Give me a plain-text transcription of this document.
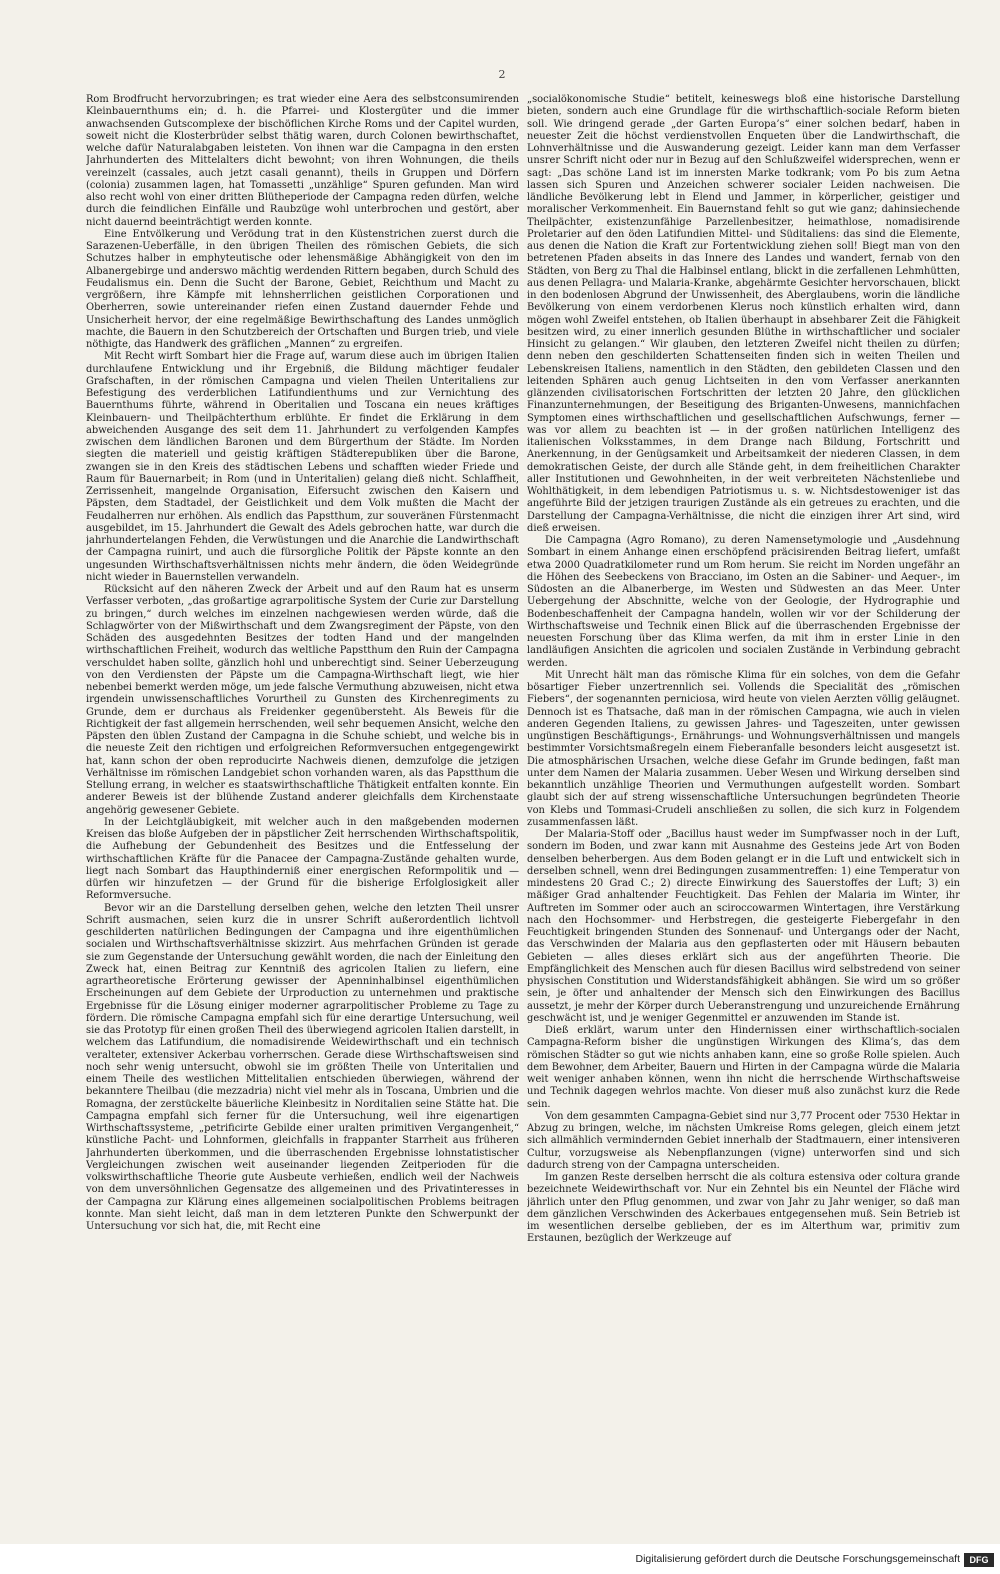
2

Rom Brodfrucht hervorzubringen; es trat wieder eine Aera des selbstconsumirenden Kleinbauernthums ein; d. h. die Pfarrei- und Klostergüter und die immer anwachsenden Gutscomplexe der bischöflichen Kirche Roms und der Capitel wurden, soweit nicht die Klosterbrüder selbst thätig waren, durch Colonen bewirthschaftet, welche dafür Naturalabgaben leisteten. Von ihnen war die Campagna in den ersten Jahrhunderten des Mittelalters dicht bewohnt; von ihren Wohnungen, die theils vereinzelt (cassales, auch jetzt casali genannt), theils in Gruppen und Dörfern (colonia) zusammen lagen, hat Tomassetti „unzählige“ Spuren gefunden. Man wird also recht wohl von einer dritten Blütheperiode der Campagna reden dürfen, welche durch die feindlichen Einfälle und Raubzüge wohl unterbrochen und gestört, aber nicht dauernd beeinträchtigt werden konnte.

Eine Entvölkerung und Verödung trat in den Küstenstrichen zuerst durch die Sarazenen-Ueberfälle, in den übrigen Theilen des römischen Gebiets, die sich Schutzes halber in emphyteutische oder lehensmäßige Abhängigkeit von den im Albanergebirge und anderswo mächtig werdenden Rittern begaben, durch Schuld des Feudalismus ein. Denn die Sucht der Barone, Gebiet, Reichthum und Macht zu vergrößern, ihre Kämpfe mit lehnsherrlichen geistlichen Corporationen und Oberherren, sowie untereinander riefen einen Zustand dauernder Fehde und Unsicherheit hervor, der eine regelmäßige Bewirthschaftung des Landes unmöglich machte, die Bauern in den Schutzbereich der Ortschaften und Burgen trieb, und viele nöthigte, das Handwerk des gräflichen „Mannen“ zu ergreifen.

Mit Recht wirft Sombart hier die Frage auf, warum diese auch im übrigen Italien durchlaufene Entwicklung und ihr Ergebniß, die Bildung mächtiger feudaler Grafschaften, in der römischen Campagna und vielen Theilen Unteritaliens zur Befestigung des verderblichen Latifundienthums und zur Vernichtung des Bauernthums führte, während in Oberitalien und Toscana ein neues kräftiges Kleinbauern- und Theilpächterthum erblühte. Er findet die Erklärung in dem abweichenden Ausgange des seit dem 11. Jahrhundert zu verfolgenden Kampfes zwischen dem ländlichen Baronen und dem Bürgerthum der Städte. Im Norden siegten die materiell und geistig kräftigen Städterepubliken über die Barone, zwangen sie in den Kreis des städtischen Lebens und schafften wieder Friede und Raum für Bauernarbeit; in Rom (und in Unteritalien) gelang dieß nicht. Schlaffheit, Zerrissenheit, mangelnde Organisation, Eifersucht zwischen den Kaisern und Päpsten, dem Stadtadel, der Geistlichkeit und dem Volk mußten die Macht der Feudalherren nur erhöhen. Als endlich das Papstthum, zur souveränen Fürstenmacht ausgebildet, im 15. Jahrhundert die Gewalt des Adels gebrochen hatte, war durch die jahrhundertelangen Fehden, die Verwüstungen und die Anarchie die Landwirthschaft der Campagna ruinirt, und auch die fürsorgliche Politik der Päpste konnte an den ungesunden Wirthschaftsverhältnissen nichts mehr ändern, die öden Weidegründe nicht wieder in Bauernstellen verwandeln.

Rücksicht auf den näheren Zweck der Arbeit und auf den Raum hat es unserm Verfasser verboten, „das großartige agrarpolitische System der Curie zur Darstellung zu bringen,“ durch welches im einzelnen nachgewiesen werden würde, daß die Schlagwörter von der Mißwirthschaft und dem Zwangsregiment der Päpste, von den Schäden des ausgedehnten Besitzes der todten Hand und der mangelnden wirthschaftlichen Freiheit, wodurch das weltliche Papstthum den Ruin der Campagna verschuldet haben sollte, gänzlich hohl und unberechtigt sind. Seiner Ueberzeugung von den Verdiensten der Päpste um die Campagna-Wirthschaft liegt, wie hier nebenbei bemerkt werden möge, um jede falsche Vermuthung abzuweisen, nicht etwa irgendein unwissenschaftliches Vorurtheil zu Gunsten des Kirchenregiments zu Grunde, dem er durchaus als Freidenker gegenübersteht. Als Beweis für die Richtigkeit der fast allgemein herrschenden, weil sehr bequemen Ansicht, welche den Päpsten den üblen Zustand der Campagna in die Schuhe schiebt, und welche bis in die neueste Zeit den richtigen und erfolgreichen Reformversuchen entgegengewirkt hat, kann schon der oben reproducirte Nachweis dienen, demzufolge die jetzigen Verhältnisse im römischen Landgebiet schon vorhanden waren, als das Papstthum die Stellung errang, in welcher es staatswirthschaftliche Thätigkeit entfalten konnte. Ein anderer Beweis ist der blühende Zustand anderer gleichfalls dem Kirchenstaate angehörig gewesener Gebiete.

In der Leichtgläubigkeit, mit welcher auch in den maßgebenden modernen Kreisen das bloße Aufgeben der in päpstlicher Zeit herrschenden Wirthschaftspolitik, die Aufhebung der Gebundenheit des Besitzes und die Entfesselung der wirthschaftlichen Kräfte für die Panacee der Campagna-Zustände gehalten wurde, liegt nach Sombart das Haupthinderniß einer energischen Reformpolitik und — dürfen wir hinzufetzen — der Grund für die bisherige Erfolglosigkeit aller Reformversuche.

Bevor wir an die Darstellung derselben gehen, welche den letzten Theil unsrer Schrift ausmachen, seien kurz die in unsrer Schrift außerordentlich lichtvoll geschilderten natürlichen Bedingungen der Campagna und ihre eigenthümlichen socialen und Wirthschaftsverhältnisse skizzirt. Aus mehrfachen Gründen ist gerade sie zum Gegenstande der Untersuchung gewählt worden, die nach der Einleitung den Zweck hat, einen Beitrag zur Kenntniß des agricolen Italien zu liefern, eine agrartheoretische Erörterung gewisser der Apenninhalbinsel eigenthümlichen Erscheinungen auf dem Gebiete der Urproduction zu unternehmen und praktische Ergebnisse für die Lösung einiger moderner agrarpolitischer Probleme zu Tage zu fördern. Die römische Campagna empfahl sich für eine derartige Untersuchung, weil sie das Prototyp für einen großen Theil des überwiegend agricolen Italien darstellt, in welchem das Latifundium, die nomadisirende Weidewirthschaft und ein technisch veralteter, extensiver Ackerbau vorherrschen. Gerade diese Wirthschaftsweisen sind noch sehr wenig untersucht, obwohl sie im größten Theile von Unteritalien und einem Theile des westlichen Mittelitalien entschieden überwiegen, während der bekanntere Theilbau (die mezzadria) nicht viel mehr als in Toscana, Umbrien und die Romagna, der zerstückelte bäuerliche Kleinbesitz in Norditalien seine Stätte hat. Die Campagna empfahl sich ferner für die Untersuchung, weil ihre eigenartigen Wirthschaftssysteme, „petrificirte Gebilde einer uralten primitiven Vergangenheit,“ künstliche Pacht- und Lohnformen, gleichfalls in frappanter Starrheit aus früheren Jahrhunderten überkommen, und die überraschenden Ergebnisse lohnstatistischer Vergleichungen zwischen weit auseinander liegenden Zeitperioden für die volkswirthschaftliche Theorie gute Ausbeute verhießen, endlich weil der Nachweis von dem unversöhnlichen Gegensatze des allgemeinen und des Privatinteresses in der Campagna zur Klärung eines allgemeinen socialpolitischen Problems beitragen konnte. Man sieht leicht, daß man in dem letzteren Punkte den Schwerpunkt der Untersuchung vor sich hat, die, mit Recht eine

„socialökonomische Studie“ betitelt, keineswegs bloß eine historische Darstellung bieten, sondern auch eine Grundlage für die wirthschaftlich-sociale Reform bieten soll. Wie dringend gerade „der Garten Europa’s“ einer solchen bedarf, haben in neuester Zeit die höchst verdienstvollen Enqueten über die Landwirthschaft, die Lohnverhältnisse und die Auswanderung gezeigt. Leider kann man dem Verfasser unsrer Schrift nicht oder nur in Bezug auf den Schlußzweifel widersprechen, wenn er sagt: „Das schöne Land ist im innersten Marke todkrank; vom Po bis zum Aetna lassen sich Spuren und Anzeichen schwerer socialer Leiden nachweisen. Die ländliche Bevölkerung lebt in Elend und Jammer, in körperlicher, geistiger und moralischer Verkommenheit. Ein Bauernstand fehlt so gut wie ganz; dahinsiechende Theilpächter, existenzunfähige Parzellenbesitzer, heimathlose, nomadisirende Proletarier auf den öden Latifundien Mittel- und Süditaliens: das sind die Elemente, aus denen die Nation die Kraft zur Fortentwicklung ziehen soll! Biegt man von den betretenen Pfaden abseits in das Innere des Landes und wandert, fernab von den Städten, von Berg zu Thal die Halbinsel entlang, blickt in die zerfallenen Lehmhütten, aus denen Pellagra- und Malaria-Kranke, abgehärmte Gesichter hervorschauen, blickt in den bodenlosen Abgrund der Unwissenheit, des Aberglaubens, worin die ländliche Bevölkerung von einem verdorbenen Klerus noch künstlich erhalten wird, dann mögen wohl Zweifel entstehen, ob Italien überhaupt in absehbarer Zeit die Fähigkeit besitzen wird, zu einer innerlich gesunden Blüthe in wirthschaftlicher und socialer Hinsicht zu gelangen.“ Wir glauben, den letzteren Zweifel nicht theilen zu dürfen; denn neben den geschilderten Schattenseiten finden sich in weiten Theilen und Lebenskreisen Italiens, namentlich in den Städten, den gebildeten Classen und den leitenden Sphären auch genug Lichtseiten in den vom Verfasser anerkannten glänzenden civilisatorischen Fortschritten der letzten 20 Jahre, den glücklichen Finanzunternehmungen, der Beseitigung des Briganten-Unwesens, mannichfachen Symptomen eines wirthschaftlichen und gesellschaftlichen Aufschwungs, ferner — was vor allem zu beachten ist — in der großen natürlichen Intelligenz des italienischen Volksstammes, in dem Drange nach Bildung, Fortschritt und Anerkennung, in der Genügsamkeit und Arbeitsamkeit der niederen Classen, in dem demokratischen Geiste, der durch alle Stände geht, in dem freiheitlichen Charakter aller Institutionen und Gewohnheiten, in der weit verbreiteten Nächstenliebe und Wohlthätigkeit, in dem lebendigen Patriotismus u. s. w. Nichtsdestoweniger ist das angeführte Bild der jetzigen traurigen Zustände als ein getreues zu erachten, und die Darstellung der Campagna-Verhältnisse, die nicht die einzigen ihrer Art sind, wird dieß erweisen.

Die Campagna (Agro Romano), zu deren Namensetymologie und „Ausdehnung Sombart in einem Anhange einen erschöpfend präcisirenden Beitrag liefert, umfaßt etwa 2000 Quadratkilometer rund um Rom herum. Sie reicht im Norden ungefähr an die Höhen des Seebeckens von Bracciano, im Osten an die Sabiner- und Aequer-, im Südosten an die Albanerberge, im Westen und Südwesten an das Meer. Unter Uebergehung der Abschnitte, welche von der Geologie, der Hydrographie und Bodenbeschaffenheit der Campagna handeln, wollen wir vor der Schilderung der Wirthschaftsweise und Technik einen Blick auf die überraschenden Ergebnisse der neuesten Forschung über das Klima werfen, da mit ihm in erster Linie in den landläufigen Ansichten die agricolen und socialen Zustände in Verbindung gebracht werden.

Mit Unrecht hält man das römische Klima für ein solches, von dem die Gefahr bösartiger Fieber unzertrennlich sei. Vollends die Specialität des „römischen Fiebers“, der sogenannten perniciosa, wird heute von vielen Aerzten völlig geläugnet. Dennoch ist es Thatsache, daß man in der römischen Campagna, wie auch in vielen anderen Gegenden Italiens, zu gewissen Jahres- und Tageszeiten, unter gewissen ungünstigen Beschäftigungs-, Ernährungs- und Wohnungsverhältnissen und mangels bestimmter Vorsichtsmaßregeln einem Fieberanfalle besonders leicht ausgesetzt ist. Die atmosphärischen Ursachen, welche diese Gefahr im Grunde bedingen, faßt man unter dem Namen der Malaria zusammen. Ueber Wesen und Wirkung derselben sind bekanntlich unzählige Theorien und Vermuthungen aufgestellt worden. Sombart glaubt sich der auf streng wissenschaftliche Untersuchungen begründeten Theorie von Klebs und Tommasi-Crudeli anschließen zu sollen, die sich kurz in Folgendem zusammenfassen läßt.

Der Malaria-Stoff oder „Bacillus haust weder im Sumpfwasser noch in der Luft, sondern im Boden, und zwar kann mit Ausnahme des Gesteins jede Art von Boden denselben beherbergen. Aus dem Boden gelangt er in die Luft und entwickelt sich in derselben schnell, wenn drei Bedingungen zusammentreffen: 1) eine Temperatur von mindestens 20 Grad C.; 2) directe Einwirkung des Sauerstoffes der Luft; 3) ein mäßiger Grad anhaltender Feuchtigkeit. Das Fehlen der Malaria im Winter, ihr Auftreten im Sommer oder auch an sciroccowarmen Wintertagen, ihre Verstärkung nach den Hochsommer- und Herbstregen, die gesteigerte Fiebergefahr in den Feuchtigkeit bringenden Stunden des Sonnenauf- und Untergangs oder der Nacht, das Verschwinden der Malaria aus den gepflasterten oder mit Häusern bebauten Gebieten — alles dieses erklärt sich aus der angeführten Theorie. Die Empfänglichkeit des Menschen auch für diesen Bacillus wird selbstredend von seiner physischen Constitution und Widerstandsfähigkeit abhängen. Sie wird um so größer sein, je öfter und anhaltender der Mensch sich den Einwirkungen des Bacillus aussetzt, je mehr der Körper durch Ueberanstrengung und unzureichende Ernährung geschwächt ist, und je weniger Gegenmittel er anzuwenden im Stande ist.

Dieß erklärt, warum unter den Hindernissen einer wirthschaftlich-socialen Campagna-Reform bisher die ungünstigen Wirkungen des Klima’s, das dem römischen Städter so gut wie nichts anhaben kann, eine so große Rolle spielen. Auch dem Bewohner, dem Arbeiter, Bauern und Hirten in der Campagna würde die Malaria weit weniger anhaben können, wenn ihn nicht die herrschende Wirthschaftsweise und Technik dagegen wehrlos machte. Von dieser muß also zunächst kurz die Rede sein.

Von dem gesammten Campagna-Gebiet sind nur 3,77 Procent oder 7530 Hektar in Abzug zu bringen, welche, im nächsten Umkreise Roms gelegen, gleich einem jetzt sich allmählich vermindernden Gebiet innerhalb der Stadtmauern, einer intensiveren Cultur, vorzugsweise als Nebenpflanzungen (vigne) unterworfen sind und sich dadurch streng von der Campagna unterscheiden.

Im ganzen Reste derselben herrscht die als coltura estensiva oder coltura grande bezeichnete Weidewirthschaft vor. Nur ein Zehntel bis ein Neuntel der Fläche wird jährlich unter den Pflug genommen, und zwar von Jahr zu Jahr weniger, so daß man dem gänzlichen Verschwinden des Ackerbaues entgegensehen muß. Sein Betrieb ist im wesentlichen derselbe geblieben, der es im Alterthum war, primitiv zum Erstaunen, bezüglich der Werkzeuge auf

Digitalisierung gefördert durch die Deutsche Forschungsgemeinschaft	DFG
